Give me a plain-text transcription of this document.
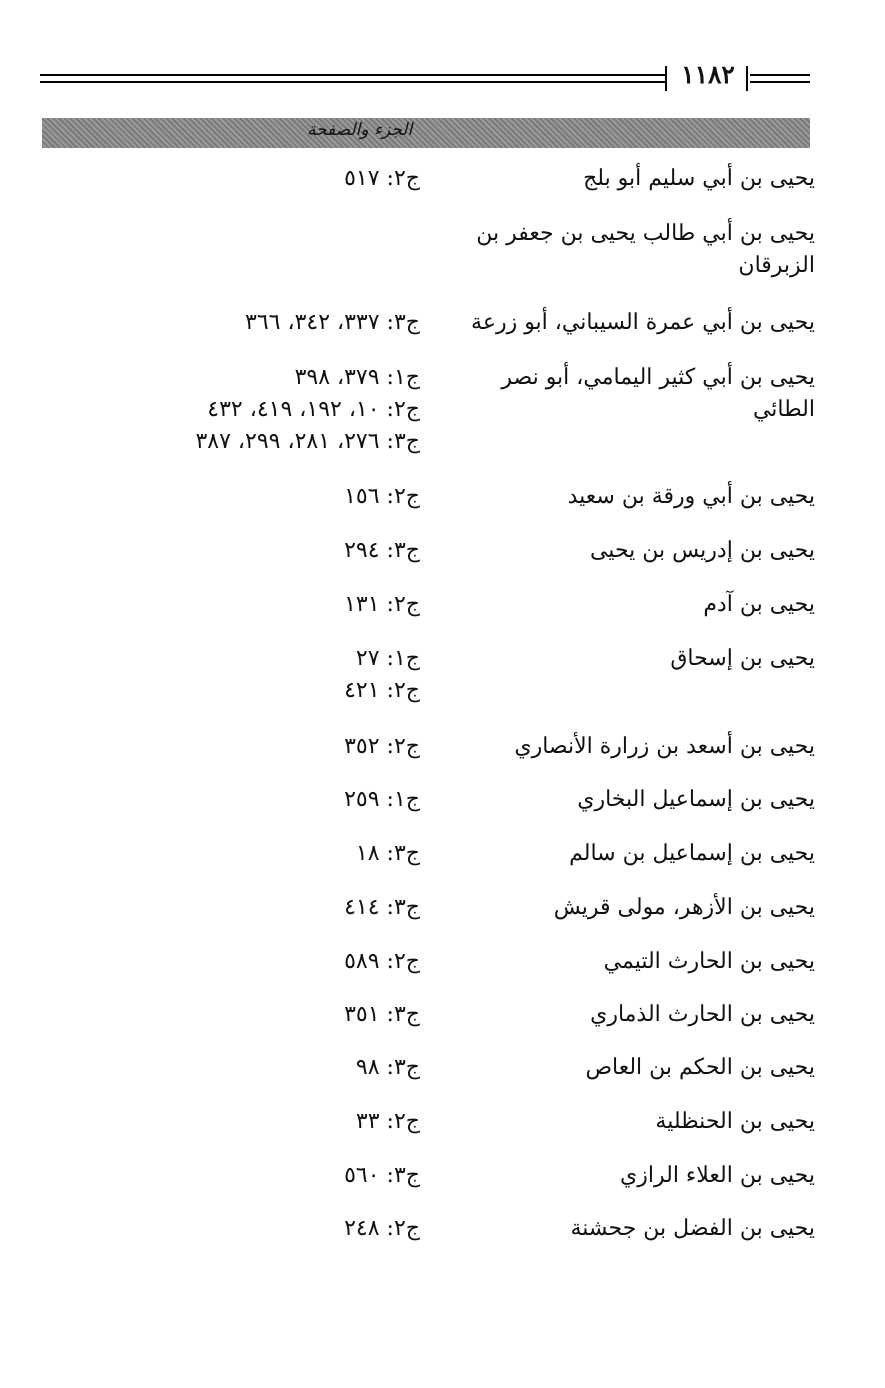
١١٨٢
الجزء والصفحة
يحيى بن أبي سليم أبو بلج
ج٢: ٥١٧
يحيى بن أبي طالب يحيى بن جعفر بن الزبرقان
يحيى بن أبي عمرة السيباني، أبو زرعة
ج٣: ٣٣٧، ٣٤٢، ٣٦٦
يحيى بن أبي كثير اليمامي، أبو نصر الطائي
ج١: ٣٧٩، ٣٩٨
ج٢: ١٠، ١٩٢، ٤١٩، ٤٣٢
ج٣: ٢٧٦، ٢٨١، ٢٩٩، ٣٨٧
يحيى بن أبي ورقة بن سعيد
ج٢: ١٥٦
يحيى بن إدريس بن يحيى
ج٣: ٢٩٤
يحيى بن آدم
ج٢: ١٣١
يحيى بن إسحاق
ج١: ٢٧
ج٢: ٤٢١
يحيى بن أسعد بن زرارة الأنصاري
ج٢: ٣٥٢
يحيى بن إسماعيل البخاري
ج١: ٢٥٩
يحيى بن إسماعيل بن سالم
ج٣: ١٨
يحيى بن الأزهر، مولى قريش
ج٣: ٤١٤
يحيى بن الحارث التيمي
ج٢: ٥٨٩
يحيى بن الحارث الذماري
ج٣: ٣٥١
يحيى بن الحكم بن العاص
ج٣: ٩٨
يحيى بن الحنظلية
ج٢: ٣٣
يحيى بن العلاء الرازي
ج٣: ٥٦٠
يحيى بن الفضل بن جحشنة
ج٢: ٢٤٨
